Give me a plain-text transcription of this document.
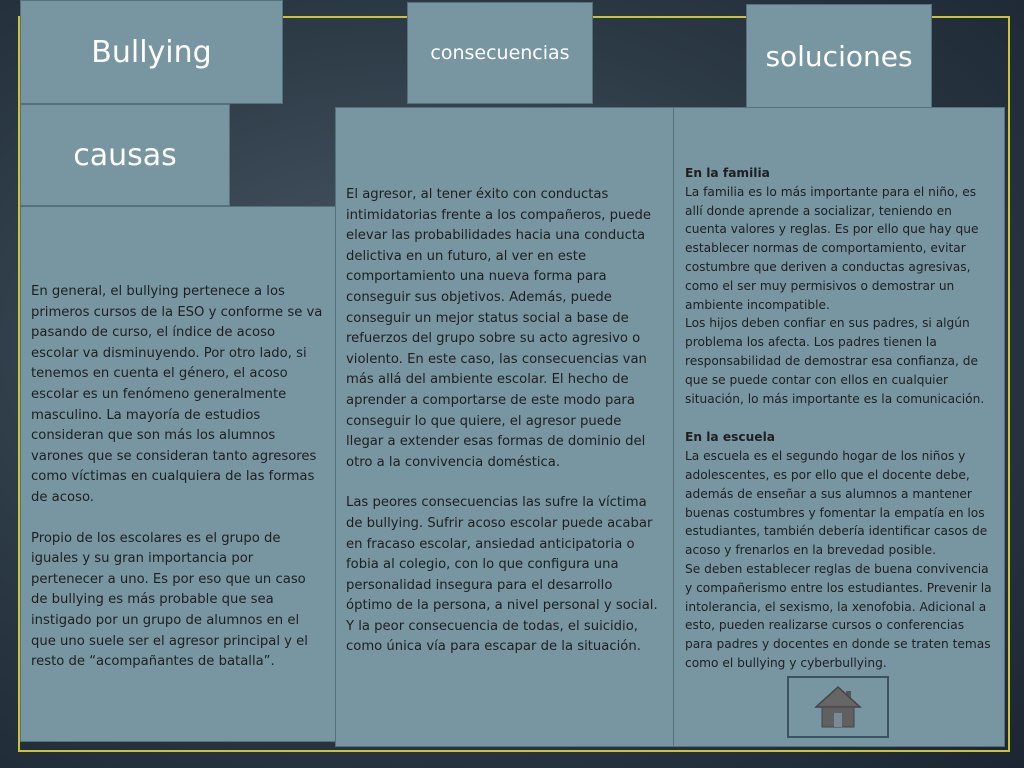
Bullying	consecuencias	soluciones
causas

En general, el bullying pertenece a los primeros cursos de la ESO y conforme se va pasando de curso, el índice de acoso escolar va disminuyendo. Por otro lado, si tenemos en cuenta el género, el acoso escolar es un fenómeno generalmente masculino. La mayoría de estudios consideran que son más los alumnos varones que se consideran tanto agresores como víctimas en cualquiera de las formas de acoso.

Propio de los escolares es el grupo de iguales y su gran importancia por pertenecer a uno. Es por eso que un caso de bullying es más probable que sea instigado por un grupo de alumnos en el que uno suele ser el agresor principal y el resto de “acompañantes de batalla”.

El agresor, al tener éxito con conductas intimidatorias frente a los compañeros, puede elevar las probabilidades hacia una conducta delictiva en un futuro, al ver en este comportamiento una nueva forma para conseguir sus objetivos. Además, puede conseguir un mejor status social a base de refuerzos del grupo sobre su acto agresivo o violento. En este caso, las consecuencias van más allá del ambiente escolar. El hecho de aprender a comportarse de este modo para conseguir lo que quiere, el agresor puede llegar a extender esas formas de dominio del otro a la convivencia doméstica.

Las peores consecuencias las sufre la víctima de bullying. Sufrir acoso escolar puede acabar en fracaso escolar, ansiedad anticipatoria o fobia al colegio, con lo que configura una personalidad insegura para el desarrollo óptimo de la persona, a nivel personal y social. Y la peor consecuencia de todas, el suicidio, como única vía para escapar de la situación.

En la familia
La familia es lo más importante para el niño, es allí donde aprende a socializar, teniendo en cuenta valores y reglas. Es por ello que hay que establecer normas de comportamiento, evitar costumbre que deriven a conductas agresivas, como el ser muy permisivos o demostrar un ambiente incompatible.
Los hijos deben confiar en sus padres, si algún problema los afecta. Los padres tienen la responsabilidad de demostrar esa confianza, de que se puede contar con ellos en cualquier situación, lo más importante es la comunicación.
En la escuela
La escuela es el segundo hogar de los niños y adolescentes, es por ello que el docente debe, además de enseñar a sus alumnos a mantener buenas costumbres y fomentar la empatía en los estudiantes, también debería identificar casos de acoso y frenarlos en la brevedad posible.
Se deben establecer reglas de buena convivencia y compañerismo entre los estudiantes. Prevenir la intolerancia, el sexismo, la xenofobia. Adicional a esto, pueden realizarse cursos o conferencias para padres y docentes en donde se traten temas como el bullying y cyberbullying.
